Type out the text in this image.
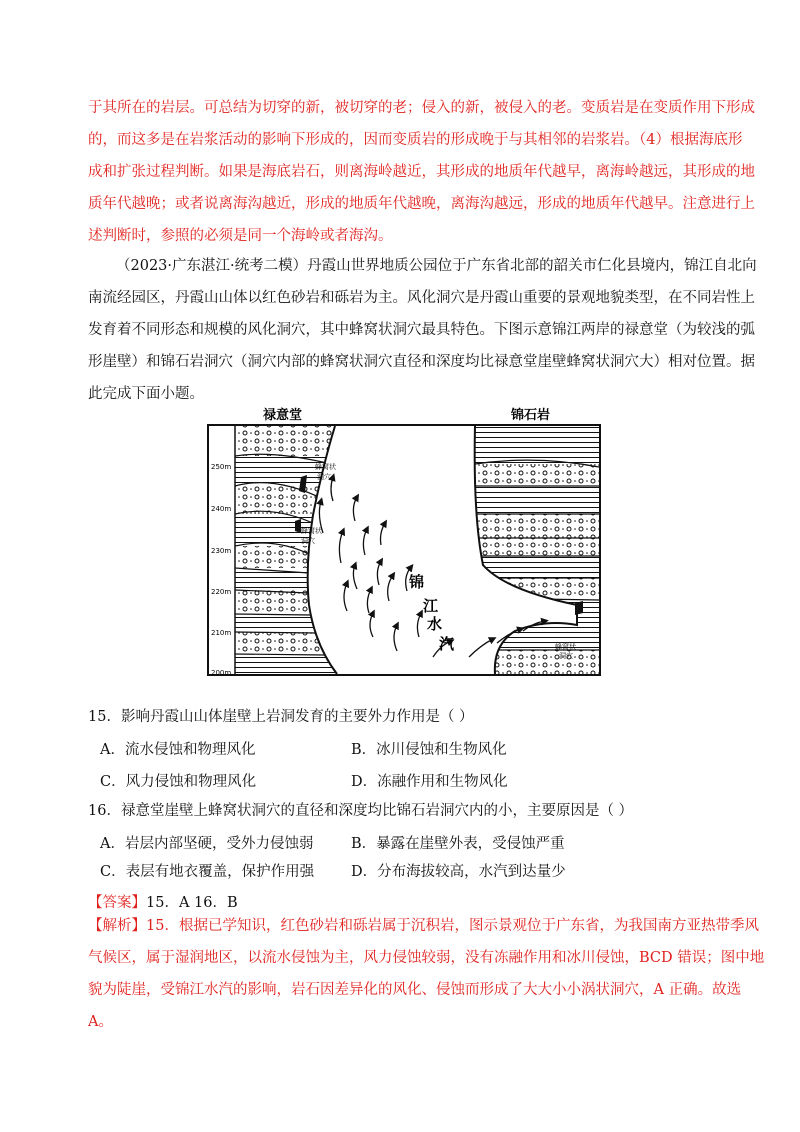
于其所在的岩层。可总结为切穿的新，被切穿的老；侵入的新，被侵入的老。变质岩是在变质作用下形成
的，而这多是在岩浆活动的影响下形成的，因而变质岩的形成晚于与其相邻的岩浆岩。（4）根据海底形
成和扩张过程判断。如果是海底岩石，则离海岭越近，其形成的地质年代越早，离海岭越远，其形成的地
质年代越晚；或者说离海沟越近，形成的地质年代越晚，离海沟越远，形成的地质年代越早。注意进行上
述判断时，参照的必须是同一个海岭或者海沟。

（2023·广东湛江·统考二模）丹霞山世界地质公园位于广东省北部的韶关市仁化县境内，锦江自北向
南流经园区，丹霞山山体以红色砂岩和砾岩为主。风化洞穴是丹霞山重要的景观地貌类型，在不同岩性上
发育着不同形态和规模的风化洞穴，其中蜂窝状洞穴最具特色。下图示意锦江两岸的禄意堂（为较浅的弧
形崖壁）和锦石岩洞穴（洞穴内部的蜂窝状洞穴直径和深度均比禄意堂崖壁蜂窝状洞穴大）相对位置。据
此完成下面小题。

禄意堂	锦石岩
蜂窝状
洞穴
蜂窝状
洞穴
250m
240m
230m
220m
210m
200m
蜂窝状
洞穴
锦
江
水
汽
15．影响丹霞山山体崖壁上岩洞发育的主要外力作用是（ ）
A．流水侵蚀和物理风化	B．冰川侵蚀和生物风化
C．风力侵蚀和物理风化	D．冻融作用和生物风化
16．禄意堂崖壁上蜂窝状洞穴的直径和深度均比锦石岩洞穴内的小，主要原因是（ ）
A．岩层内部坚硬，受外力侵蚀弱	B．暴露在崖壁外表，受侵蚀严重
C．表层有地衣覆盖，保护作用强	D．分布海拔较高，水汽到达量少
【答案】15．A 16．B

【解析】15．根据已学知识，红色砂岩和砾岩属于沉积岩，图示景观位于广东省，为我国南方亚热带季风
气候区，属于湿润地区，以流水侵蚀为主，风力侵蚀较弱，没有冻融作用和冰川侵蚀，BCD 错误；图中地
貌为陡崖，受锦江水汽的影响，岩石因差异化的风化、侵蚀而形成了大大小小涡状洞穴，A 正确。故选
A。
